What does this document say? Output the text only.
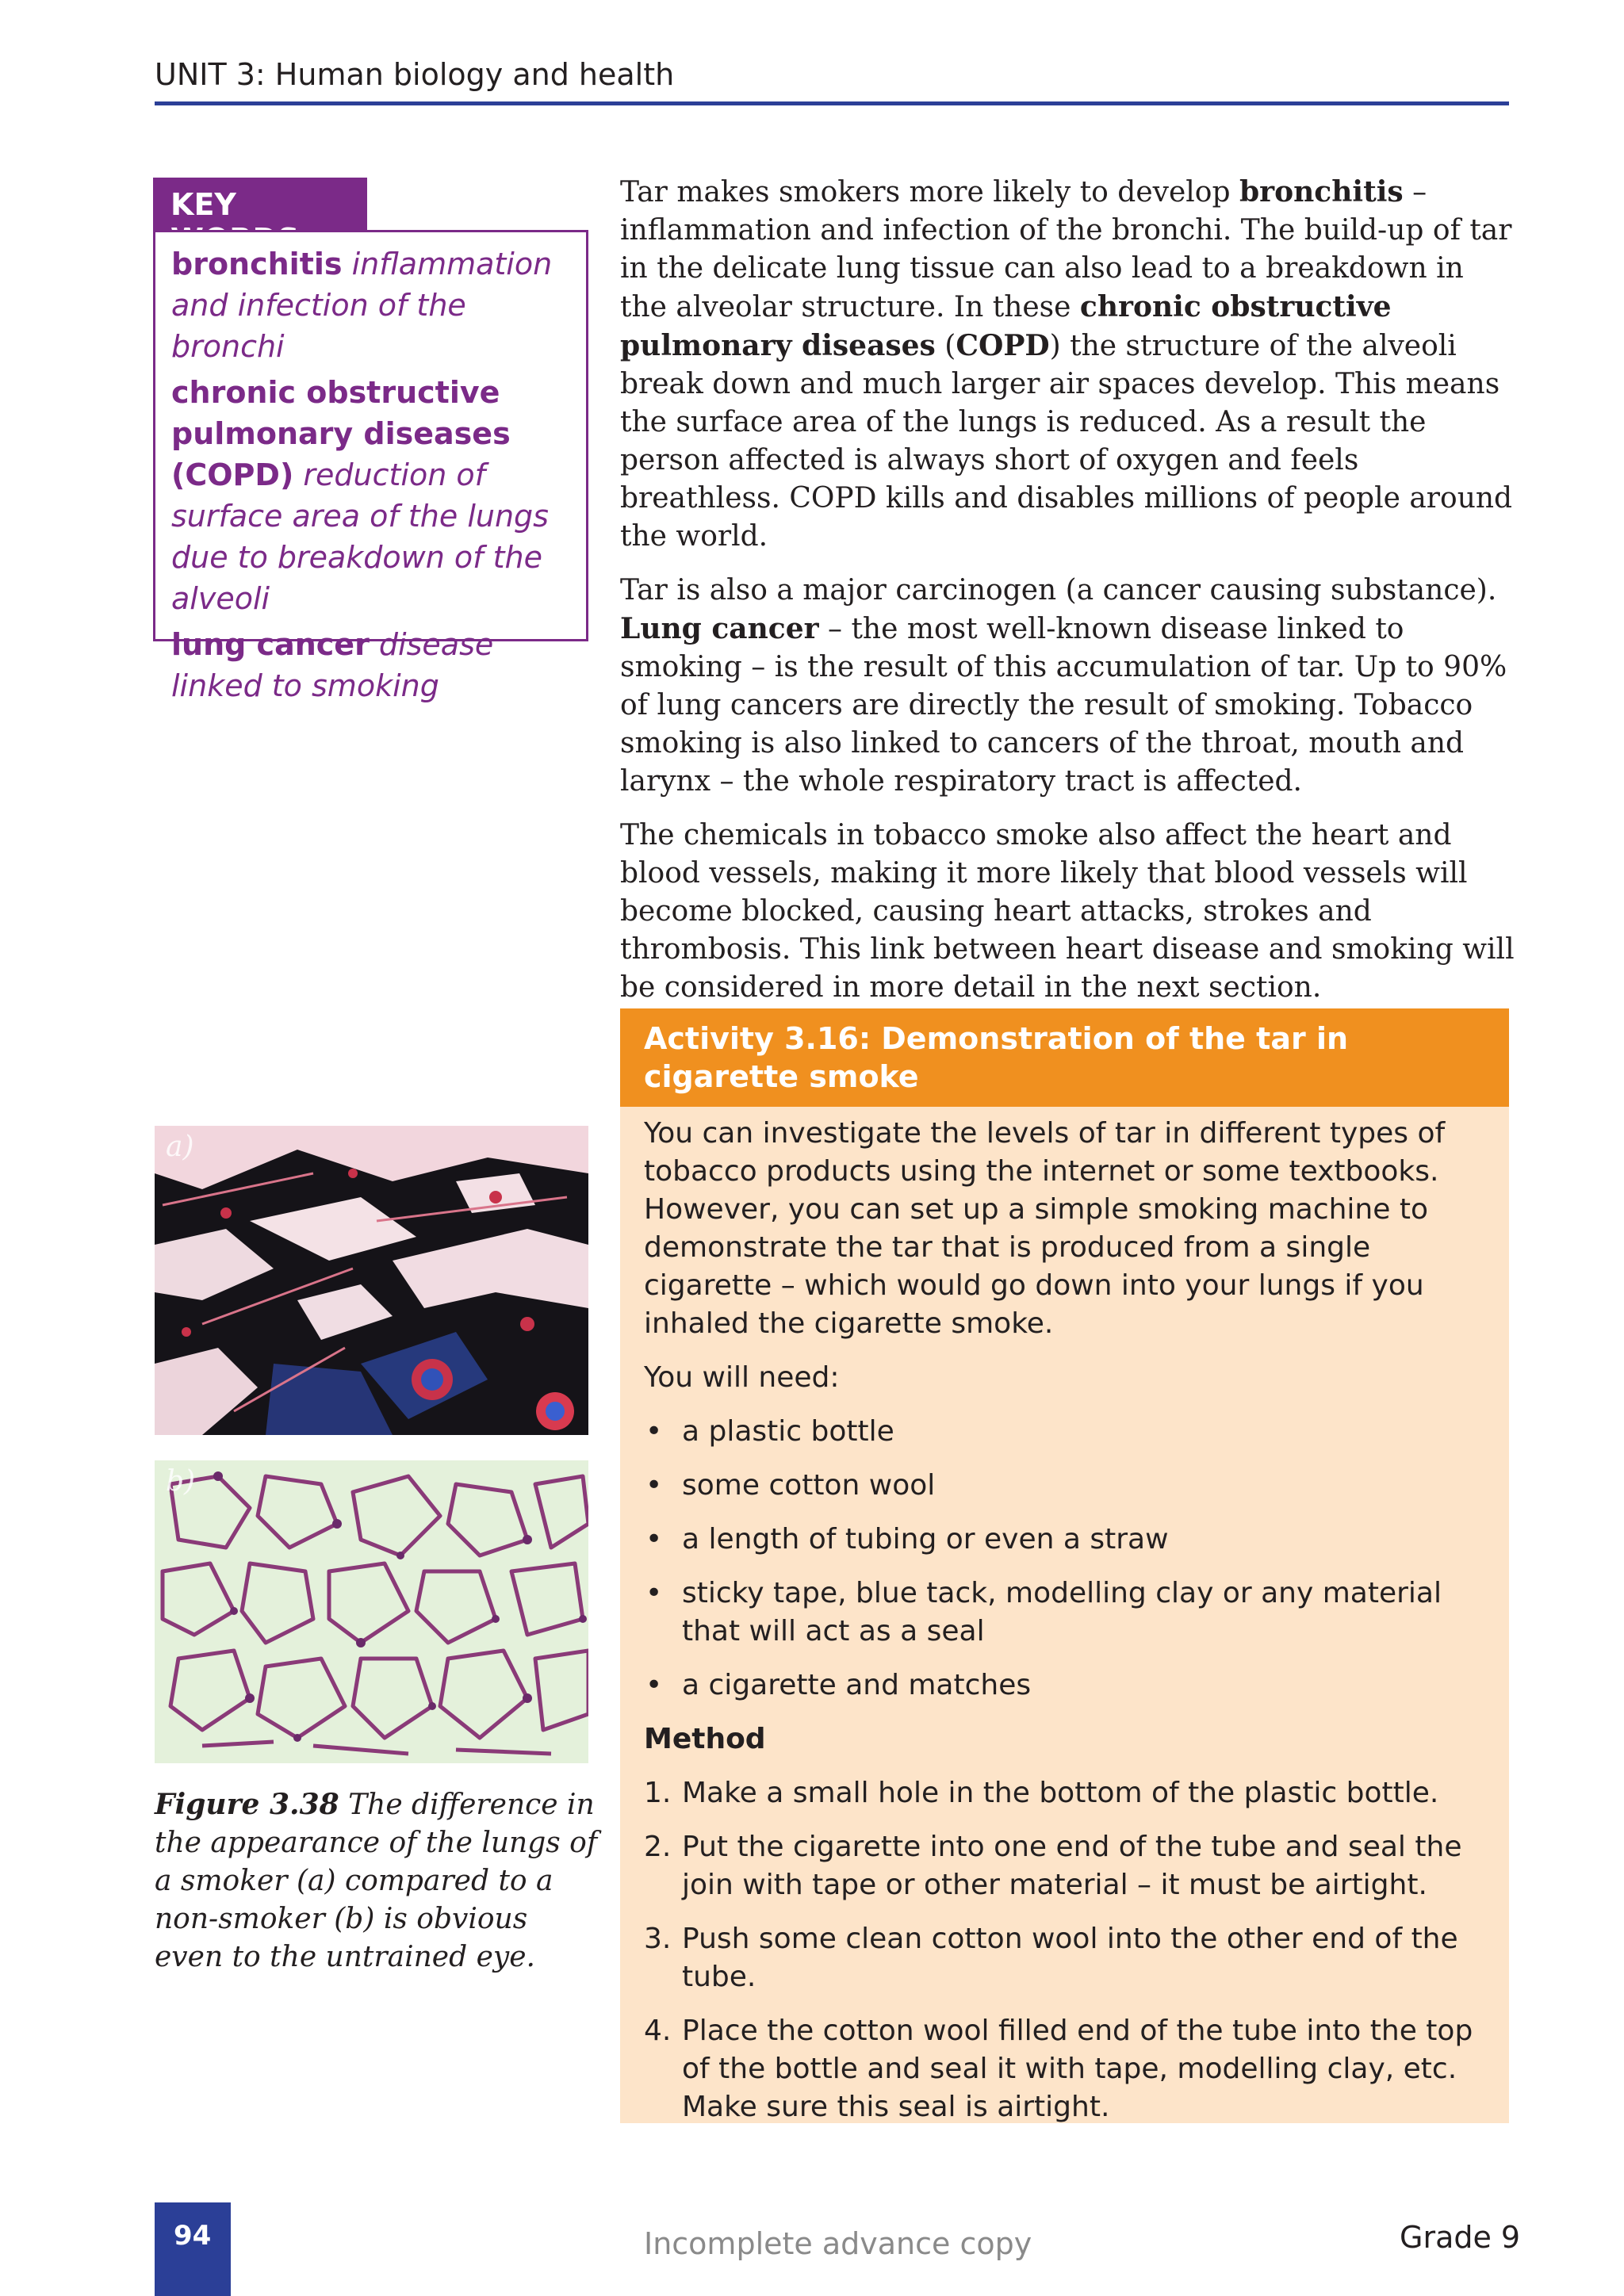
UNIT 3: Human biology and health
KEY WORDS
bronchitis inflammation and infection of the bronchi
chronic obstructive pulmonary diseases (COPD) reduction of surface area of the lungs due to breakdown of the alveoli
lung cancer disease linked to smoking

Tar makes smokers more likely to develop bronchitis – inflammation and infection of the bronchi. The build-up of tar in the delicate lung tissue can also lead to a breakdown in the alveolar structure. In these chronic obstructive pulmonary diseases (COPD) the structure of the alveoli break down and much larger air spaces develop. This means the surface area of the lungs is reduced. As a result the person affected is always short of oxygen and feels breathless. COPD kills and disables millions of people around the world.

Tar is also a major carcinogen (a cancer causing substance). Lung cancer – the most well-known disease linked to smoking – is the result of this accumulation of tar. Up to 90% of lung cancers are directly the result of smoking. Tobacco smoking is also linked to cancers of the throat, mouth and larynx – the whole respiratory tract is affected.

The chemicals in tobacco smoke also affect the heart and blood vessels, making it more likely that blood vessels will become blocked, causing heart attacks, strokes and thrombosis. This link between heart disease and smoking will be considered in more detail in the next section.

Activity 3.16: Demonstration of the tar in cigarette smoke

You can investigate the levels of tar in different types of tobacco products using the internet or some textbooks. However, you can set up a simple smoking machine to demonstrate the tar that is produced from a single cigarette – which would go down into your lungs if you inhaled the cigarette smoke.

You will need:

• a plastic bottle
• some cotton wool
• a length of tubing or even a straw
• sticky tape, blue tack, modelling clay or any material that will act as a seal
• a cigarette and matches
Method
1. Make a small hole in the bottom of the plastic bottle.
2. Put the cigarette into one end of the tube and seal the join with tape or other material – it must be airtight.
3. Push some clean cotton wool into the other end of the tube.
4. Place the cotton wool filled end of the tube into the top of the bottle and seal it with tape, modelling clay, etc. Make sure this seal is airtight.
a)
b)
Figure 3.38 The difference in the appearance of the lungs of a smoker (a) compared to a non-smoker (b) is obvious even to the untrained eye.
94	Incomplete advance copy	Grade 9
